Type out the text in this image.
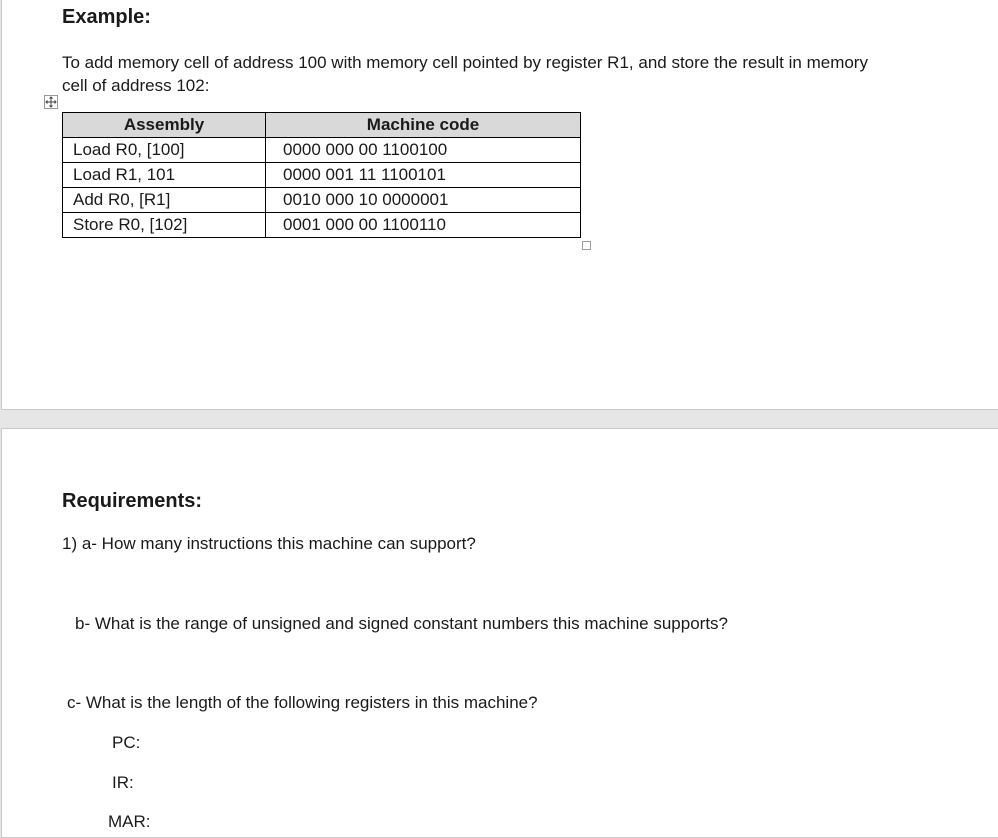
Example:
To add memory cell of address 100 with memory cell pointed by register R1, and store the result in memory
cell of address 102:
Assembly	Machine code
Load R0, [100]	0000 000 00 1100100
Load R1, 101	0000 001 11 1100101
Add R0, [R1]	0010 000 10 0000001
Store R0, [102]	0001 000 00 1100110
Requirements:
1) a- How many instructions this machine can support?
b- What is the range of unsigned and signed constant numbers this machine supports?
c- What is the length of the following registers in this machine?
PC:
IR:
MAR:
